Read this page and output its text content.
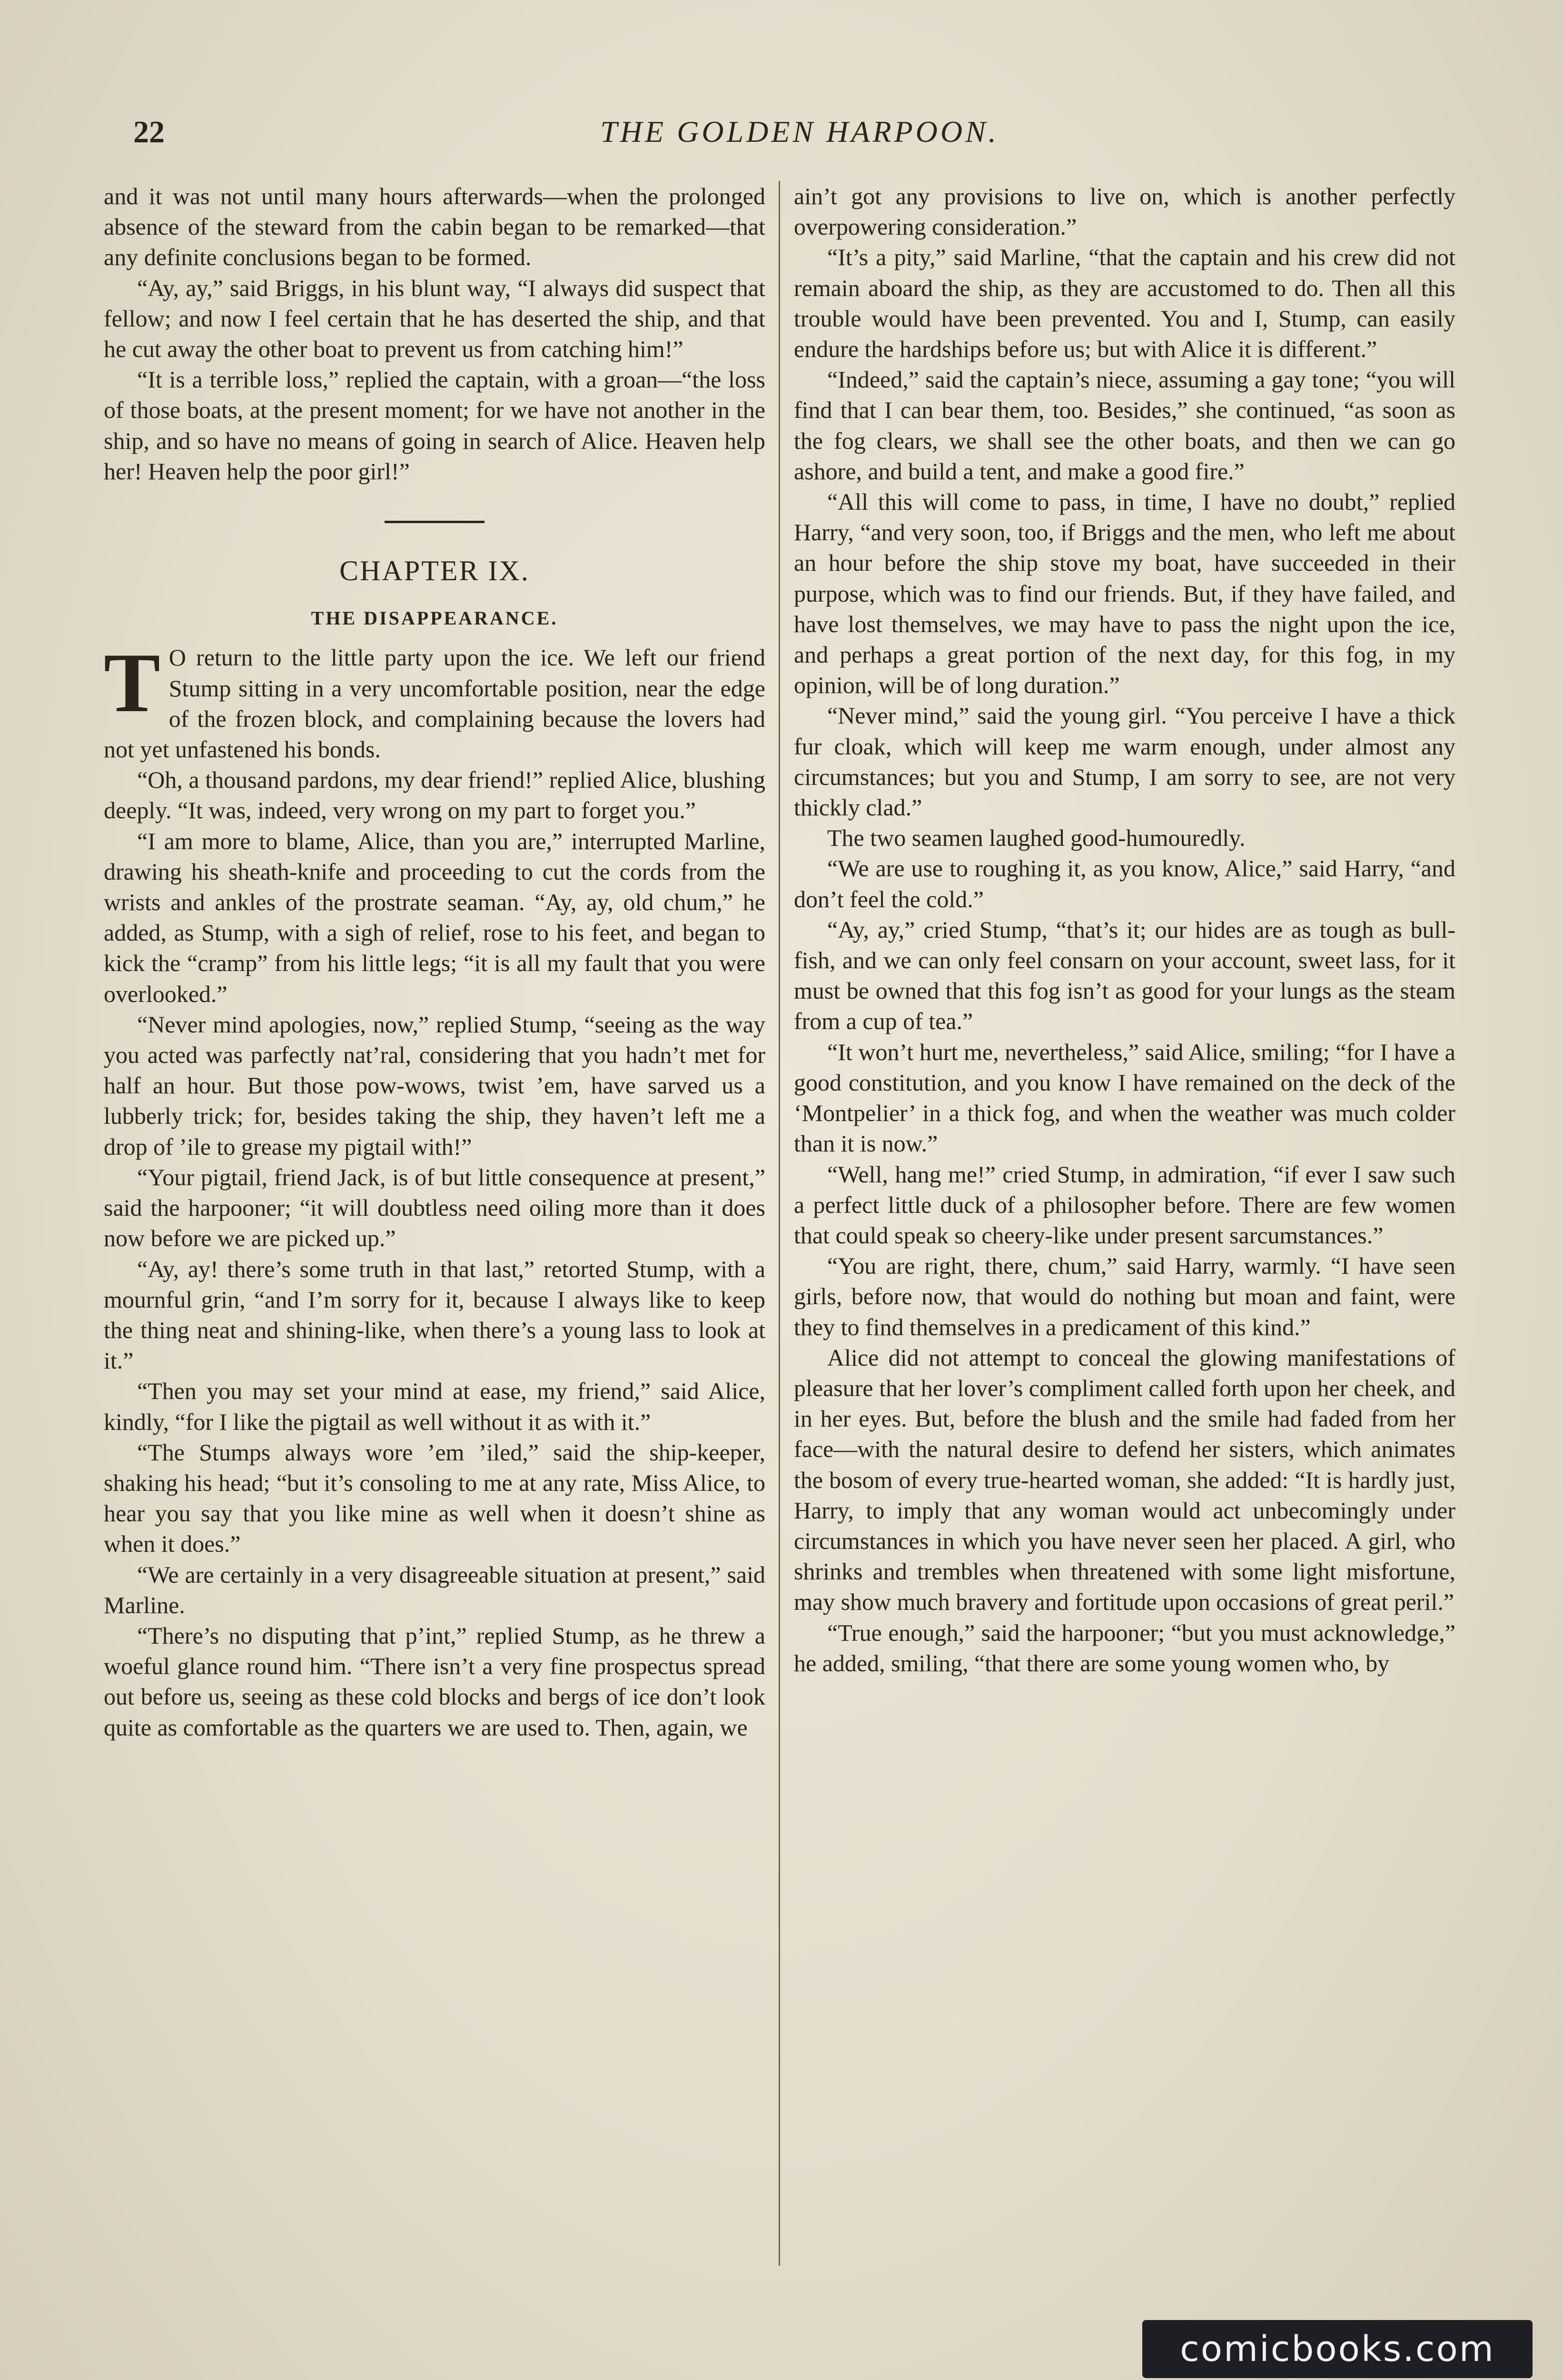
22	THE GOLDEN HARPOON.

and it was not until many hours afterwards—when the prolonged absence of the steward from the cabin began to be remarked—that any definite conclusions began to be formed.

“Ay, ay,” said Briggs, in his blunt way, “I always did suspect that fellow; and now I feel certain that he has deserted the ship, and that he cut away the other boat to prevent us from catching him!”

“It is a terrible loss,” replied the captain, with a groan—“the loss of those boats, at the present moment; for we have not another in the ship, and so have no means of going in search of Alice. Heaven help her! Heaven help the poor girl!”

CHAPTER IX.
THE DISAPPEARANCE.

T O return to the little party upon the ice. We left our friend Stump sitting in a very uncomfortable position, near the edge of the frozen block, and complaining because the lovers had not yet unfastened his bonds.

“Oh, a thousand pardons, my dear friend!” replied Alice, blushing deeply. “It was, indeed, very wrong on my part to forget you.”

“I am more to blame, Alice, than you are,” interrupted Marline, drawing his sheath-knife and proceeding to cut the cords from the wrists and ankles of the prostrate seaman. “Ay, ay, old chum,” he added, as Stump, with a sigh of relief, rose to his feet, and began to kick the “cramp” from his little legs; “it is all my fault that you were overlooked.”

“Never mind apologies, now,” replied Stump, “seeing as the way you acted was parfectly nat’ral, considering that you hadn’t met for half an hour. But those pow-wows, twist ’em, have sarved us a lubberly trick; for, besides taking the ship, they haven’t left me a drop of ’ile to grease my pigtail with!”

“Your pigtail, friend Jack, is of but little consequence at present,” said the harpooner; “it will doubtless need oiling more than it does now before we are picked up.”

“Ay, ay! there’s some truth in that last,” retorted Stump, with a mournful grin, “and I’m sorry for it, because I always like to keep the thing neat and shining-like, when there’s a young lass to look at it.”

“Then you may set your mind at ease, my friend,” said Alice, kindly, “for I like the pigtail as well without it as with it.”

“The Stumps always wore ’em ’iled,” said the ship-keeper, shaking his head; “but it’s consoling to me at any rate, Miss Alice, to hear you say that you like mine as well when it doesn’t shine as when it does.”

“We are certainly in a very disagreeable situation at present,” said Marline.

“There’s no disputing that p’int,” replied Stump, as he threw a woeful glance round him. “There isn’t a very fine prospectus spread out before us, seeing as these cold blocks and bergs of ice don’t look quite as comfortable as the quarters we are used to. Then, again, we

ain’t got any provisions to live on, which is another perfectly overpowering consideration.”

“It’s a pity,” said Marline, “that the captain and his crew did not remain aboard the ship, as they are accustomed to do. Then all this trouble would have been prevented. You and I, Stump, can easily endure the hardships before us; but with Alice it is different.”

“Indeed,” said the captain’s niece, assuming a gay tone; “you will find that I can bear them, too. Besides,” she continued, “as soon as the fog clears, we shall see the other boats, and then we can go ashore, and build a tent, and make a good fire.”

“All this will come to pass, in time, I have no doubt,” replied Harry, “and very soon, too, if Briggs and the men, who left me about an hour before the ship stove my boat, have succeeded in their purpose, which was to find our friends. But, if they have failed, and have lost themselves, we may have to pass the night upon the ice, and perhaps a great portion of the next day, for this fog, in my opinion, will be of long duration.”

“Never mind,” said the young girl. “You perceive I have a thick fur cloak, which will keep me warm enough, under almost any circumstances; but you and Stump, I am sorry to see, are not very thickly clad.”

The two seamen laughed good-humouredly.

“We are use to roughing it, as you know, Alice,” said Harry, “and don’t feel the cold.”

“Ay, ay,” cried Stump, “that’s it; our hides are as tough as bull-fish, and we can only feel consarn on your account, sweet lass, for it must be owned that this fog isn’t as good for your lungs as the steam from a cup of tea.”

“It won’t hurt me, nevertheless,” said Alice, smiling; “for I have a good constitution, and you know I have remained on the deck of the ‘Montpelier’ in a thick fog, and when the weather was much colder than it is now.”

“Well, hang me!” cried Stump, in admiration, “if ever I saw such a perfect little duck of a philosopher before. There are few women that could speak so cheery-like under present sarcumstances.”

“You are right, there, chum,” said Harry, warmly. “I have seen girls, before now, that would do nothing but moan and faint, were they to find themselves in a predicament of this kind.”

Alice did not attempt to conceal the glowing manifestations of pleasure that her lover’s compliment called forth upon her cheek, and in her eyes. But, before the blush and the smile had faded from her face—with the natural desire to defend her sisters, which animates the bosom of every true-hearted woman, she added: “It is hardly just, Harry, to imply that any woman would act unbecomingly under circumstances in which you have never seen her placed. A girl, who shrinks and trembles when threatened with some light misfortune, may show much bravery and fortitude upon occasions of great peril.”

“True enough,” said the harpooner; “but you must acknowledge,” he added, smiling, “that there are some young women who, by

comicbooks.com
